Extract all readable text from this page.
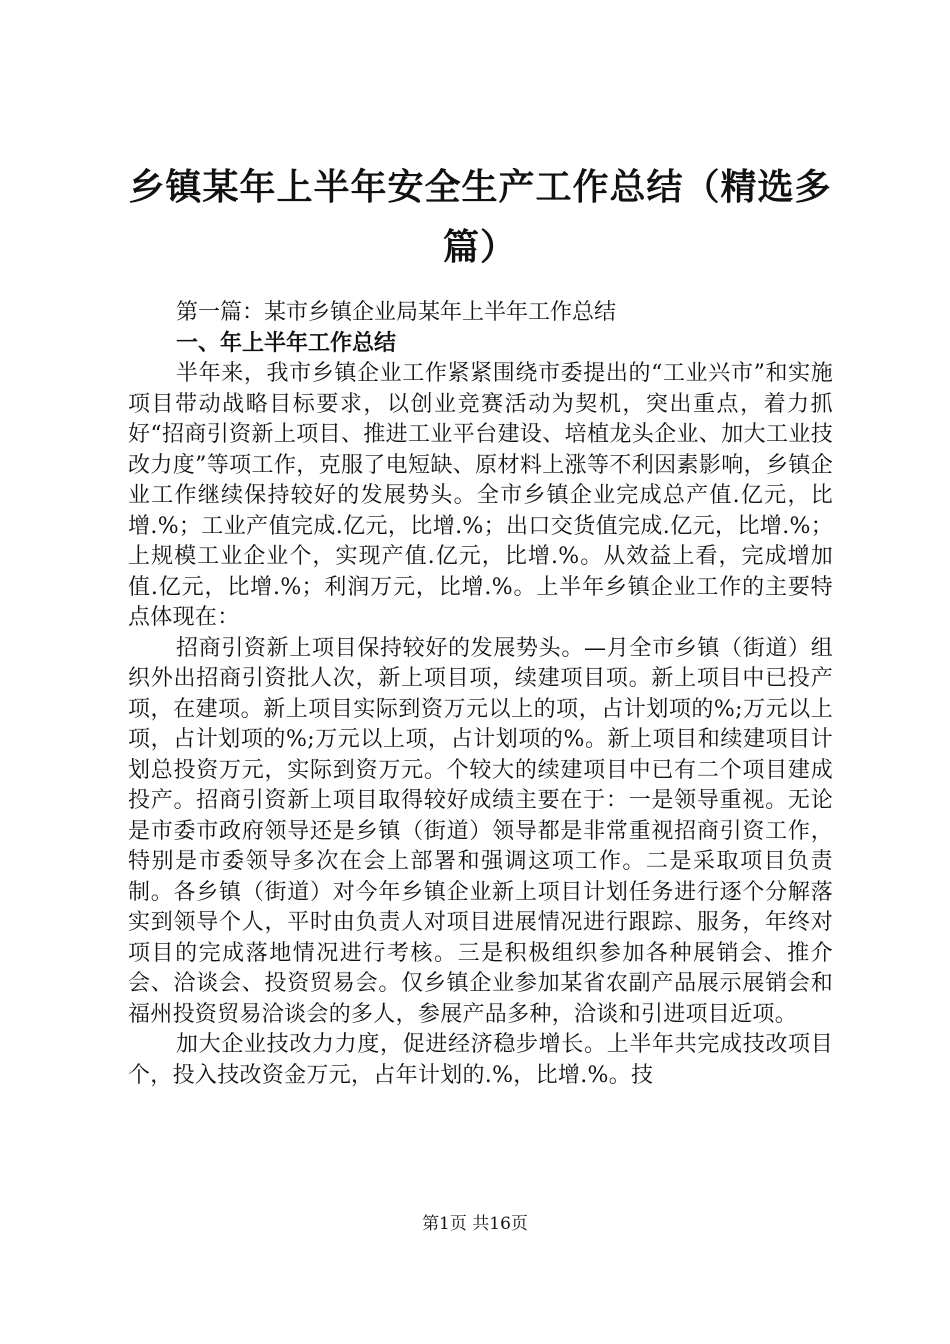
乡镇某年上半年安全生产工作总结（精选多篇）

第一篇：某市乡镇企业局某年上半年工作总结

一、年上半年工作总结

半年来，我市乡镇企业工作紧紧围绕市委提出的“工业兴市”和实施项目带动战略目标要求，以创业竞赛活动为契机，突出重点，着力抓好“招商引资新上项目、推进工业平台建设、培植龙头企业、加大工业技改力度”等项工作，克服了电短缺、原材料上涨等不利因素影响，乡镇企业工作继续保持较好的发展势头。全市乡镇企业完成总产值.亿元，比增.%；工业产值完成.亿元，比增.%；出口交货值完成.亿元，比增.%；上规模工业企业个，实现产值.亿元，比增.%。从效益上看，完成增加值.亿元，比增.%；利润万元，比增.%。上半年乡镇企业工作的主要特点体现在：

招商引资新上项目保持较好的发展势头。—月全市乡镇（街道）组织外出招商引资批人次，新上项目项，续建项目项。新上项目中已投产项，在建项。新上项目实际到资万元以上的项，占计划项的%;万元以上项，占计划项的%;万元以上项，占计划项的%。新上项目和续建项目计划总投资万元，实际到资万元。个较大的续建项目中已有二个项目建成投产。招商引资新上项目取得较好成绩主要在于：一是领导重视。无论是市委市政府领导还是乡镇（街道）领导都是非常重视招商引资工作，特别是市委领导多次在会上部署和强调这项工作。二是采取项目负责制。各乡镇（街道）对今年乡镇企业新上项目计划任务进行逐个分解落实到领导个人，平时由负责人对项目进展情况进行跟踪、服务，年终对项目的完成落地情况进行考核。三是积极组织参加各种展销会、推介会、洽谈会、投资贸易会。仅乡镇企业参加某省农副产品展示展销会和福州投资贸易洽谈会的多人，参展产品多种，洽谈和引进项目近项。

加大企业技改力力度，促进经济稳步增长。上半年共完成技改项目个，投入技改资金万元，占年计划的.%，比增.%。技

第1页 共16页
